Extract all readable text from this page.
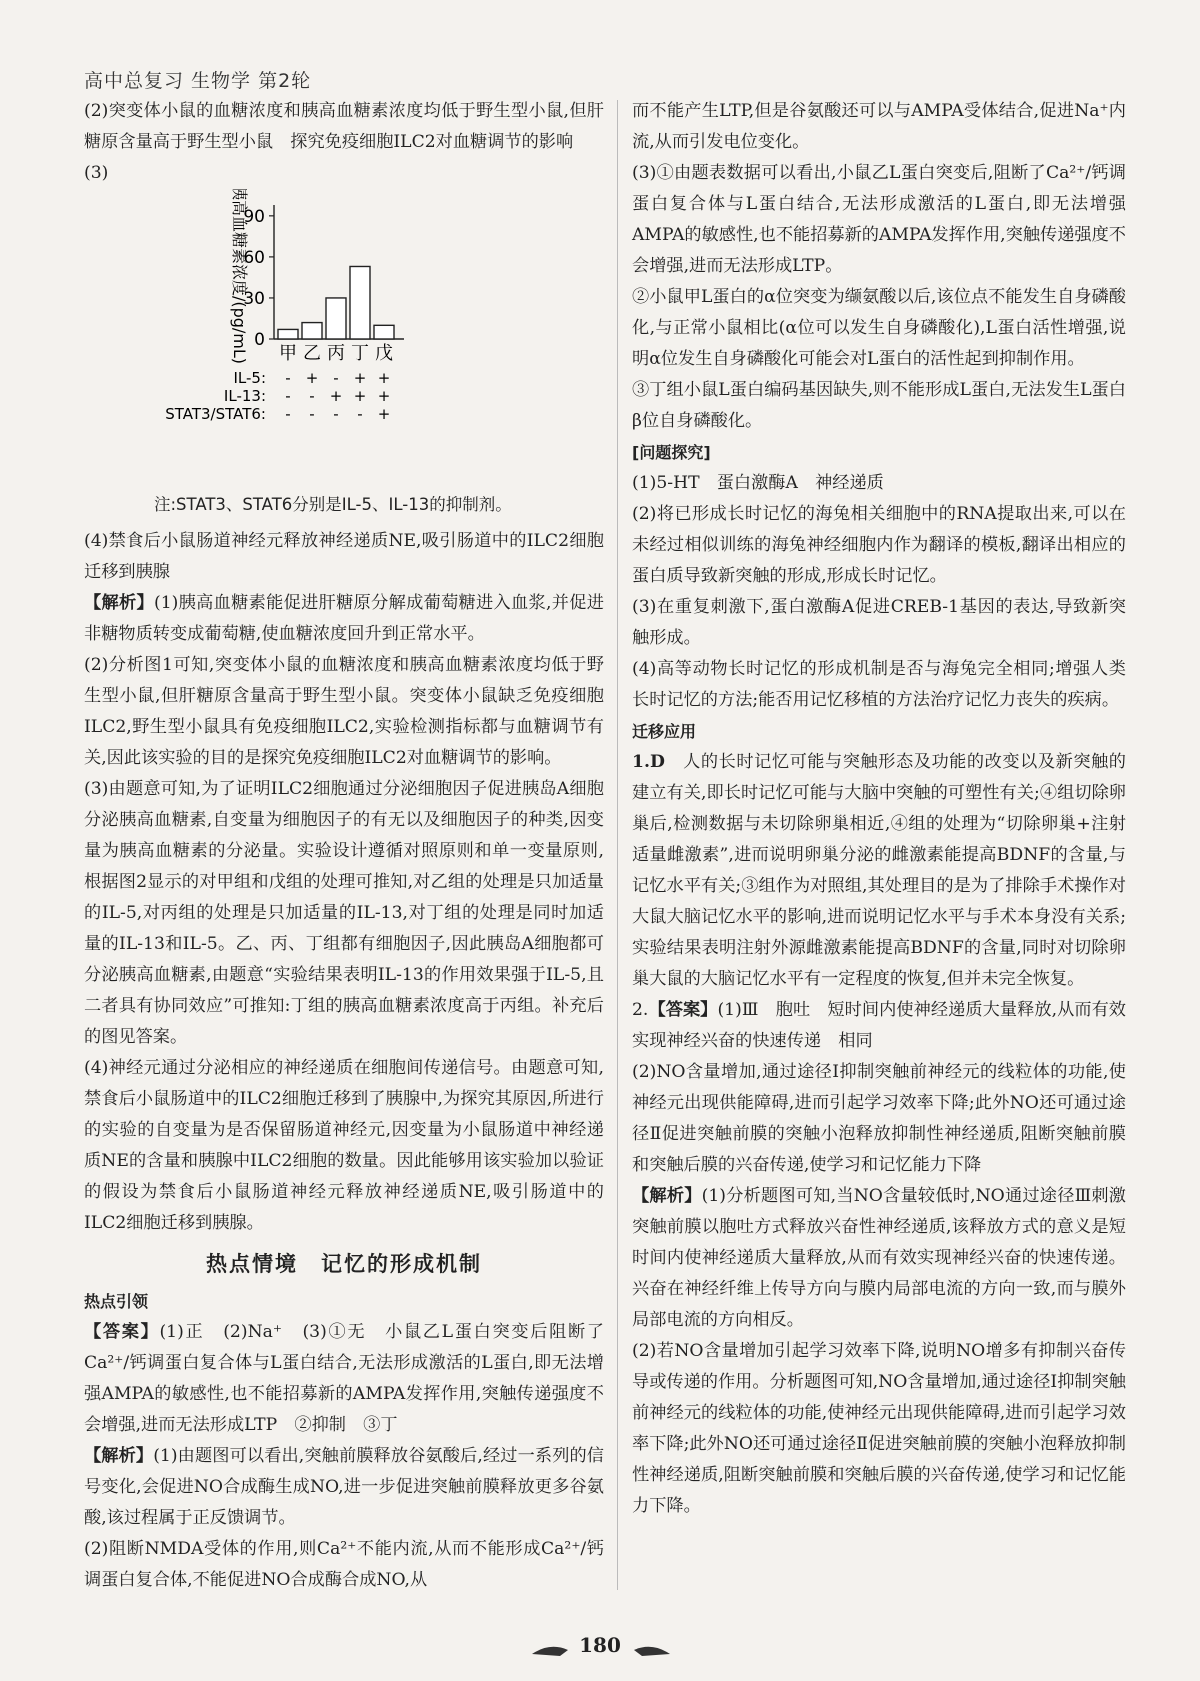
高中总复习 生物学 第2轮

(2)突变体小鼠的血糖浓度和胰高血糖素浓度均低于野生型小鼠,但肝糖原含量高于野生型小鼠　探究免疫细胞ILC2对血糖调节的影响

(3)

0
30
60
90
胰高血糖素浓度/(pg/mL) 甲 乙 丙 丁 戊
IL-5: - + - + +
IL-13: - - + + +
STAT3/STAT6: - - - - +

注:STAT3、STAT6分别是IL-5、IL-13的抑制剂。

(4)禁食后小鼠肠道神经元释放神经递质NE,吸引肠道中的ILC2细胞迁移到胰腺

【解析】(1)胰高血糖素能促进肝糖原分解成葡萄糖进入血浆,并促进非糖物质转变成葡萄糖,使血糖浓度回升到正常水平。

(2)分析图1可知,突变体小鼠的血糖浓度和胰高血糖素浓度均低于野生型小鼠,但肝糖原含量高于野生型小鼠。突变体小鼠缺乏免疫细胞ILC2,野生型小鼠具有免疫细胞ILC2,实验检测指标都与血糖调节有关,因此该实验的目的是探究免疫细胞ILC2对血糖调节的影响。

(3)由题意可知,为了证明ILC2细胞通过分泌细胞因子促进胰岛A细胞分泌胰高血糖素,自变量为细胞因子的有无以及细胞因子的种类,因变量为胰高血糖素的分泌量。实验设计遵循对照原则和单一变量原则,根据图2显示的对甲组和戊组的处理可推知,对乙组的处理是只加适量的IL-5,对丙组的处理是只加适量的IL-13,对丁组的处理是同时加适量的IL-13和IL-5。乙、丙、丁组都有细胞因子,因此胰岛A细胞都可分泌胰高血糖素,由题意“实验结果表明IL-13的作用效果强于IL-5,且二者具有协同效应”可推知:丁组的胰高血糖素浓度高于丙组。补充后的图见答案。

(4)神经元通过分泌相应的神经递质在细胞间传递信号。由题意可知,禁食后小鼠肠道中的ILC2细胞迁移到了胰腺中,为探究其原因,所进行的实验的自变量为是否保留肠道神经元,因变量为小鼠肠道中神经递质NE的含量和胰腺中ILC2细胞的数量。因此能够用该实验加以验证的假设为禁食后小鼠肠道神经元释放神经递质NE,吸引肠道中的ILC2细胞迁移到胰腺。

热点情境　记忆的形成机制
热点引领

【答案】(1)正　(2)Na⁺　(3)①无　小鼠乙L蛋白突变后阻断了Ca²⁺/钙调蛋白复合体与L蛋白结合,无法形成激活的L蛋白,即无法增强AMPA的敏感性,也不能招募新的AMPA发挥作用,突触传递强度不会增强,进而无法形成LTP　②抑制　③丁

【解析】(1)由题图可以看出,突触前膜释放谷氨酸后,经过一系列的信号变化,会促进NO合成酶生成NO,进一步促进突触前膜释放更多谷氨酸,该过程属于正反馈调节。

(2)阻断NMDA受体的作用,则Ca²⁺不能内流,从而不能形成Ca²⁺/钙调蛋白复合体,不能促进NO合成酶合成NO,从

而不能产生LTP,但是谷氨酸还可以与AMPA受体结合,促进Na⁺内流,从而引发电位变化。

(3)①由题表数据可以看出,小鼠乙L蛋白突变后,阻断了Ca²⁺/钙调蛋白复合体与L蛋白结合,无法形成激活的L蛋白,即无法增强AMPA的敏感性,也不能招募新的AMPA发挥作用,突触传递强度不会增强,进而无法形成LTP。

②小鼠甲L蛋白的α位突变为缬氨酸以后,该位点不能发生自身磷酸化,与正常小鼠相比(α位可以发生自身磷酸化),L蛋白活性增强,说明α位发生自身磷酸化可能会对L蛋白的活性起到抑制作用。

③丁组小鼠L蛋白编码基因缺失,则不能形成L蛋白,无法发生L蛋白β位自身磷酸化。

[问题探究]

(1)5-HT　蛋白激酶A　神经递质

(2)将已形成长时记忆的海兔相关细胞中的RNA提取出来,可以在未经过相似训练的海兔神经细胞内作为翻译的模板,翻译出相应的蛋白质导致新突触的形成,形成长时记忆。

(3)在重复刺激下,蛋白激酶A促进CREB-1基因的表达,导致新突触形成。

(4)高等动物长时记忆的形成机制是否与海兔完全相同;增强人类长时记忆的方法;能否用记忆移植的方法治疗记忆力丧失的疾病。

迁移应用

1.D　 人的长时记忆可能与突触形态及功能的改变以及新突触的建立有关,即长时记忆可能与大脑中突触的可塑性有关;④组切除卵巢后,检测数据与未切除卵巢相近,④组的处理为“切除卵巢+注射适量雌激素”,进而说明卵巢分泌的雌激素能提高BDNF的含量,与记忆水平有关;③组作为对照组,其处理目的是为了排除手术操作对大鼠大脑记忆水平的影响,进而说明记忆水平与手术本身没有关系;实验结果表明注射外源雌激素能提高BDNF的含量,同时对切除卵巢大鼠的大脑记忆水平有一定程度的恢复,但并未完全恢复。

2.【答案】(1)Ⅲ　胞吐　短时间内使神经递质大量释放,从而有效实现神经兴奋的快速传递　相同

(2)NO含量增加,通过途径Ⅰ抑制突触前神经元的线粒体的功能,使神经元出现供能障碍,进而引起学习效率下降;此外NO还可通过途径Ⅱ促进突触前膜的突触小泡释放抑制性神经递质,阻断突触前膜和突触后膜的兴奋传递,使学习和记忆能力下降

【解析】(1)分析题图可知,当NO含量较低时,NO通过途径Ⅲ刺激突触前膜以胞吐方式释放兴奋性神经递质,该释放方式的意义是短时间内使神经递质大量释放,从而有效实现神经兴奋的快速传递。兴奋在神经纤维上传导方向与膜内局部电流的方向一致,而与膜外局部电流的方向相反。

(2)若NO含量增加引起学习效率下降,说明NO增多有抑制兴奋传导或传递的作用。分析题图可知,NO含量增加,通过途径Ⅰ抑制突触前神经元的线粒体的功能,使神经元出现供能障碍,进而引起学习效率下降;此外NO还可通过途径Ⅱ促进突触前膜的突触小泡释放抑制性神经递质,阻断突触前膜和突触后膜的兴奋传递,使学习和记忆能力下降。

180
